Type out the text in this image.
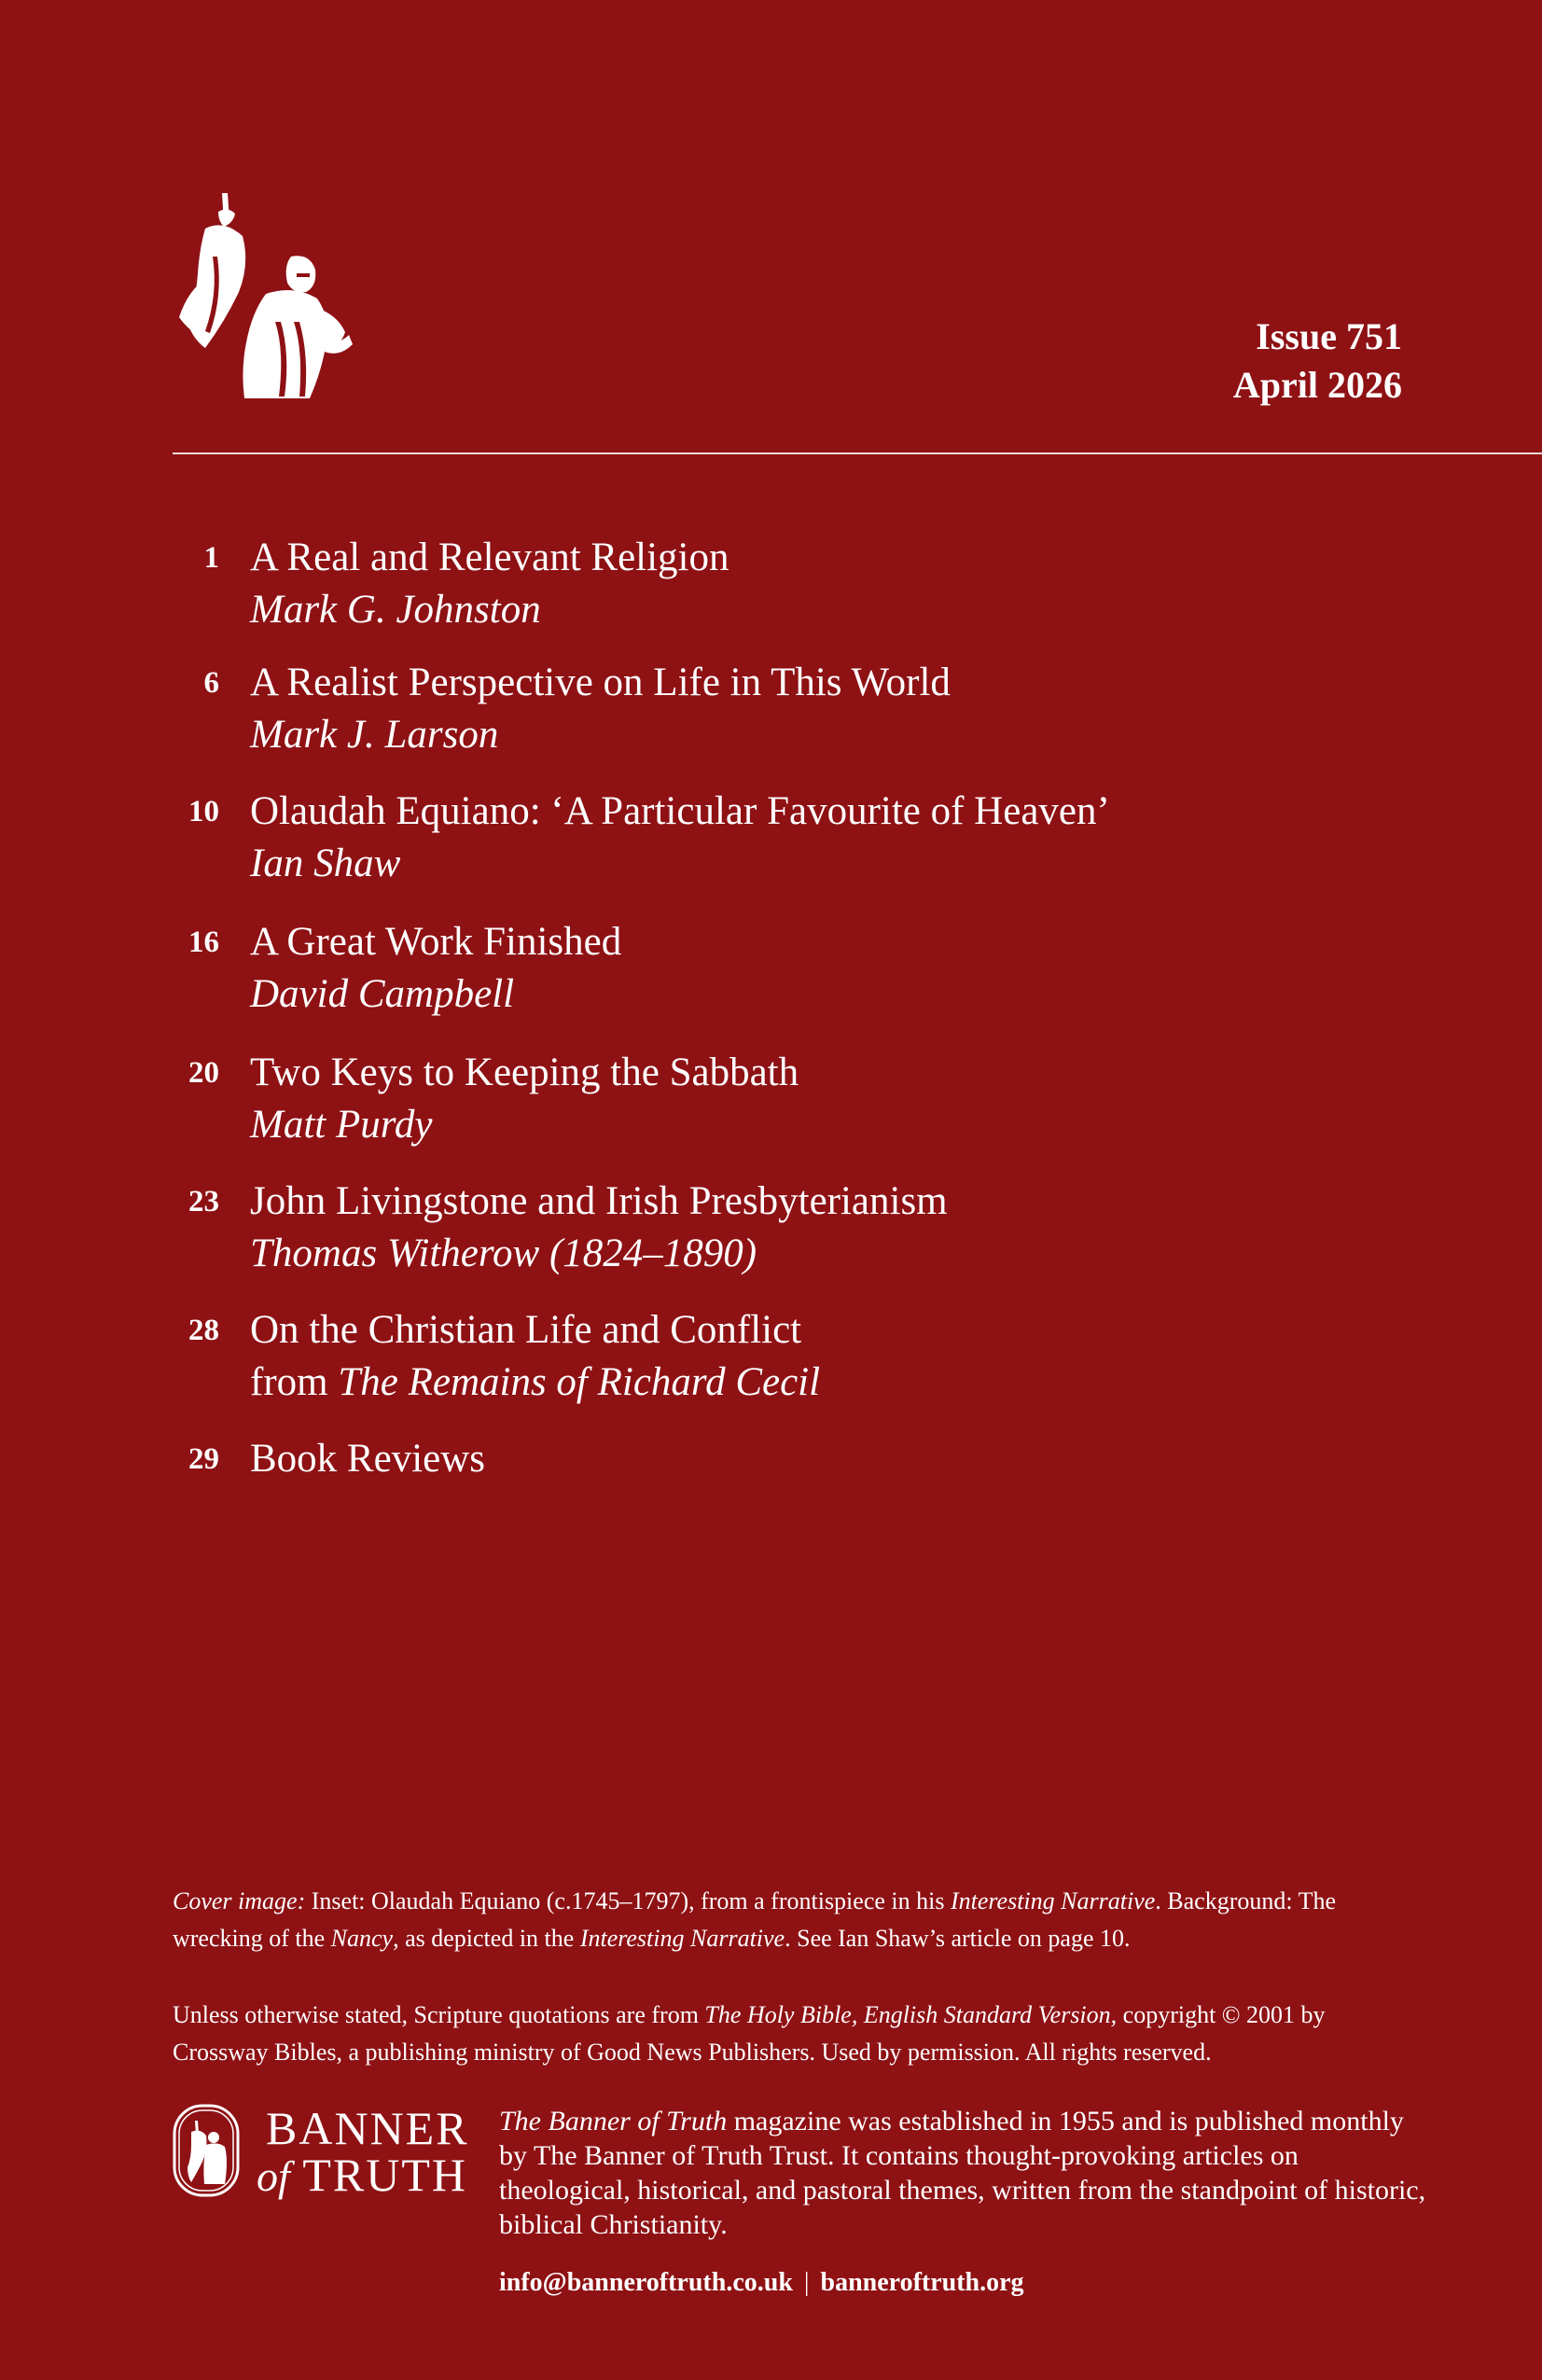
Issue 751
April 2026
1 A Real and Relevant Religion
Mark G. Johnston
6 A Realist Perspective on Life in This World
Mark J. Larson
10 Olaudah Equiano: ‘A Particular Favourite of Heaven’
Ian Shaw
16 A Great Work Finished
David Campbell
20 Two Keys to Keeping the Sabbath
Matt Purdy
23 John Livingstone and Irish Presbyterianism
Thomas Witherow (1824–1890)
28 On the Christian Life and Conflict
from The Remains of Richard Cecil
29 Book Reviews

Cover image: Inset: Olaudah Equiano (c.1745–1797), from a frontispiece in his Interesting Narrative. Background: The wrecking of the Nancy, as depicted in the Interesting Narrative. See Ian Shaw’s article on page 10.

Unless otherwise stated, Scripture quotations are from The Holy Bible, English Standard Version, copyright © 2001 by Crossway Bibles, a publishing ministry of Good News Publishers. Used by permission. All rights reserved.

BANNER
of TRUTH

The Banner of Truth magazine was established in 1955 and is published monthly by The Banner of Truth Trust. It contains thought-provoking articles on theological, historical, and pastoral themes, written from the standpoint of historic, biblical Christianity.

info@banneroftruth.co.uk | banneroftruth.org
